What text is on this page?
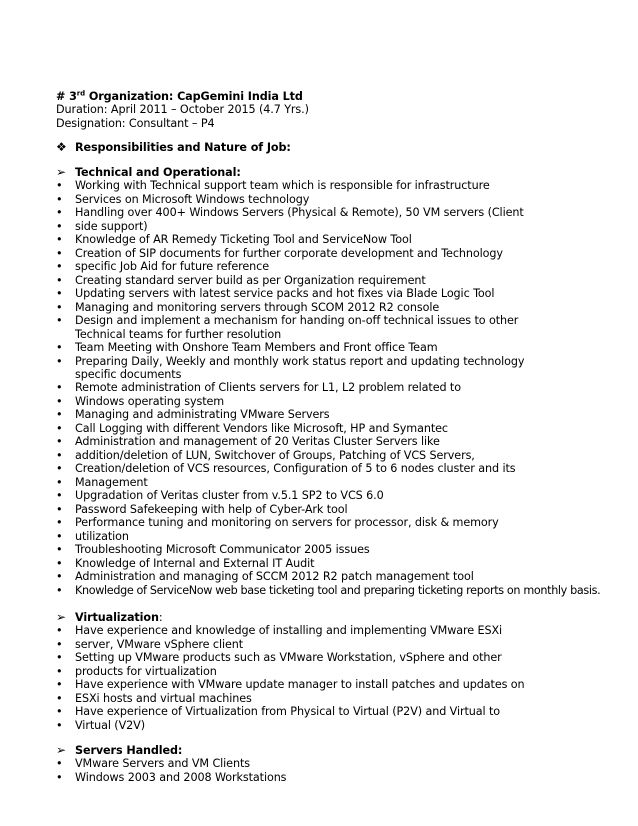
# 3rd Organization: CapGemini India Ltd
Duration: April 2011 – October 2015 (4.7 Yrs.)
Designation: Consultant – P4
❖ Responsibilities and Nature of Job:
➢ Technical and Operational:
•	Working with Technical support team which is responsible for infrastructure
•	Services on Microsoft Windows technology
•	Handling over 400+ Windows Servers (Physical & Remote), 50 VM servers (Client
•	side support)
•	Knowledge of AR Remedy Ticketing Tool and ServiceNow Tool
•	Creation of SIP documents for further corporate development and Technology
•	specific Job Aid for future reference
•	Creating standard server build as per Organization requirement
•	Updating servers with latest service packs and hot fixes via Blade Logic Tool
•	Managing and monitoring servers through SCOM 2012 R2 console
•	Design and implement a mechanism for handing on-off technical issues to other
Technical teams for further resolution
•	Team Meeting with Onshore Team Members and Front office Team
•	Preparing Daily, Weekly and monthly work status report and updating technology
specific documents
•	Remote administration of Clients servers for L1, L2 problem related to
•	Windows operating system
•	Managing and administrating VMware Servers
•	Call Logging with different Vendors like Microsoft, HP and Symantec
•	Administration and management of 20 Veritas Cluster Servers like
•	addition/deletion of LUN, Switchover of Groups, Patching of VCS Servers,
•	Creation/deletion of VCS resources, Configuration of 5 to 6 nodes cluster and its
•	Management
•	Upgradation of Veritas cluster from v.5.1 SP2 to VCS 6.0
•	Password Safekeeping with help of Cyber-Ark tool
•	Performance tuning and monitoring on servers for processor, disk & memory
•	utilization
•	Troubleshooting Microsoft Communicator 2005 issues
•	Knowledge of Internal and External IT Audit
•	Administration and managing of SCCM 2012 R2 patch management tool
•	Knowledge of ServiceNow web base ticketing tool and preparing ticketing reports on monthly basis.
➢ Virtualization:
•	Have experience and knowledge of installing and implementing VMware ESXi
•	server, VMware vSphere client
•	Setting up VMware products such as VMware Workstation, vSphere and other
•	products for virtualization
•	Have experience with VMware update manager to install patches and updates on
•	ESXi hosts and virtual machines
•	Have experience of Virtualization from Physical to Virtual (P2V) and Virtual to
•	Virtual (V2V)
➢ Servers Handled:
•	VMware Servers and VM Clients
•	Windows 2003 and 2008 Workstations
